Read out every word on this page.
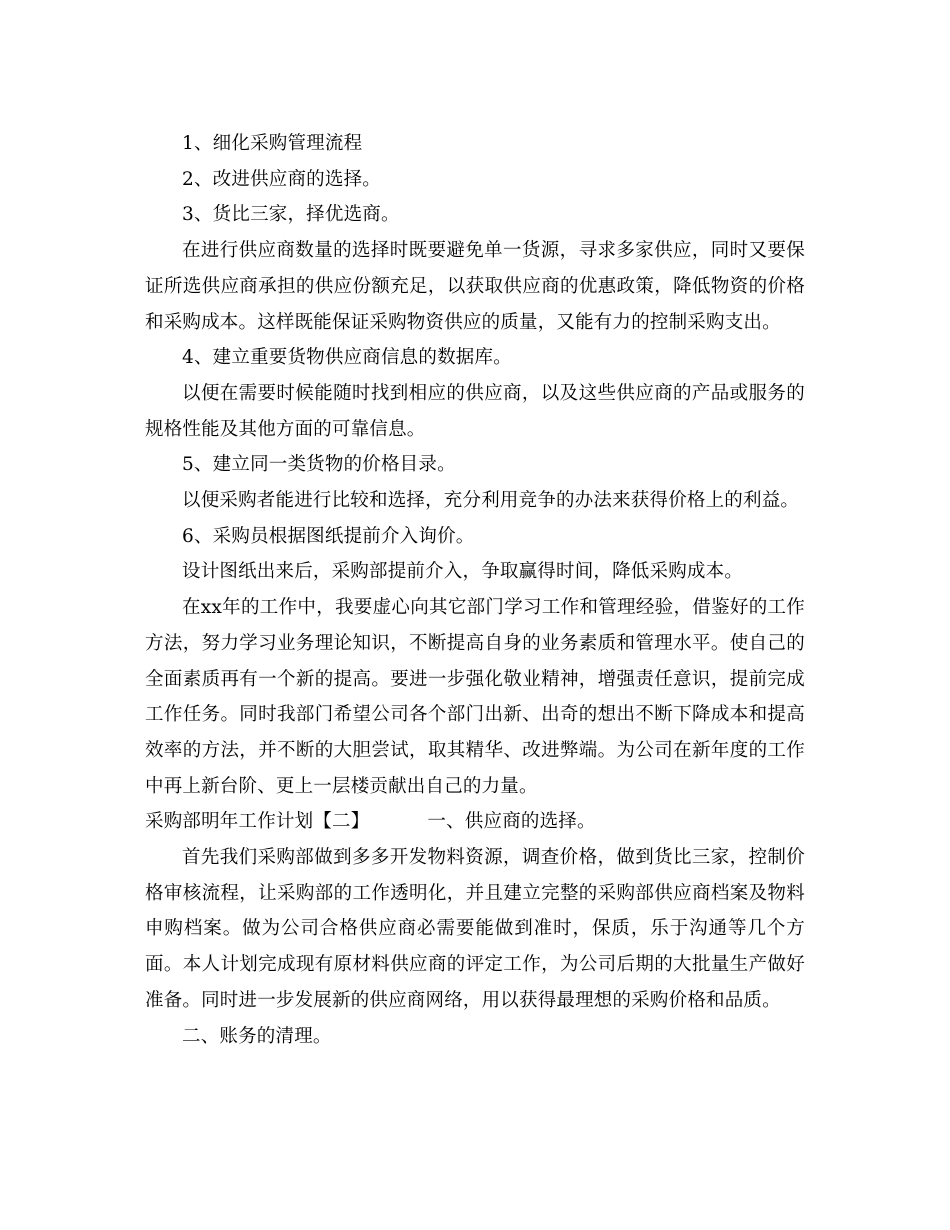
1、细化采购管理流程

2、改进供应商的选择。

3、货比三家，择优选商。

在进行供应商数量的选择时既要避免单一货源，寻求多家供应，同时又要保证所选供应商承担的供应份额充足，以获取供应商的优惠政策，降低物资的价格和采购成本。这样既能保证采购物资供应的质量，又能有力的控制采购支出。

4、建立重要货物供应商信息的数据库。

以便在需要时候能随时找到相应的供应商，以及这些供应商的产品或服务的规格性能及其他方面的可靠信息。

5、建立同一类货物的价格目录。

以便采购者能进行比较和选择，充分利用竞争的办法来获得价格上的利益。

6、采购员根据图纸提前介入询价。

设计图纸出来后，采购部提前介入，争取赢得时间，降低采购成本。

在xx年的工作中，我要虚心向其它部门学习工作和管理经验，借鉴好的工作方法，努力学习业务理论知识，不断提高自身的业务素质和管理水平。使自己的全面素质再有一个新的提高。要进一步强化敬业精神，增强责任意识，提前完成工作任务。同时我部门希望公司各个部门出新、出奇的想出不断下降成本和提高效率的方法，并不断的大胆尝试，取其精华、改进弊端。为公司在新年度的工作中再上新台阶、更上一层楼贡献出自己的力量。

采购部明年工作计划【二】	一、供应商的选择。

首先我们采购部做到多多开发物料资源，调查价格，做到货比三家，控制价格审核流程，让采购部的工作透明化，并且建立完整的采购部供应商档案及物料申购档案。做为公司合格供应商必需要能做到准时，保质，乐于沟通等几个方面。本人计划完成现有原材料供应商的评定工作，为公司后期的大批量生产做好准备。同时进一步发展新的供应商网络，用以获得最理想的采购价格和品质。

二、账务的清理。
